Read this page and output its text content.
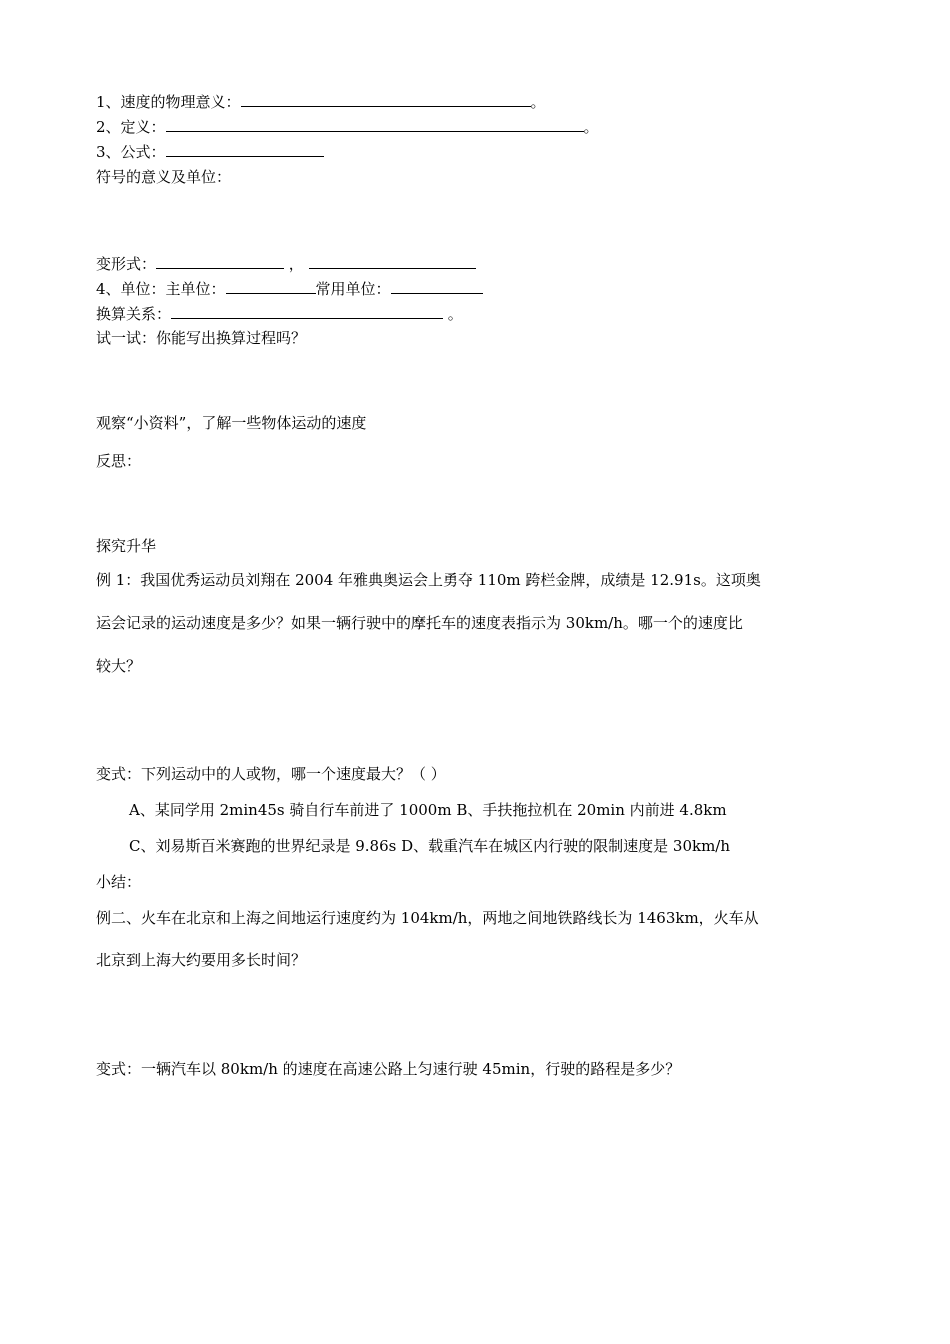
1、速度的物理意义：	。
2、定义：	。
3、公式：
符号的意义及单位：
变形式：	，
4、单位：主单位：	常用单位：
换算关系：	。
试一试：你能写出换算过程吗？
观察“小资料”，了解一些物体运动的速度
反思：
探究升华
例 1：我国优秀运动员刘翔在 2004 年雅典奥运会上勇夺 110m 跨栏金牌，成绩是 12.91s。这项奥
运会记录的运动速度是多少？如果一辆行驶中的摩托车的速度表指示为 30km/h。哪一个的速度比
较大？
变式：下列运动中的人或物，哪一个速度最大？（ ）
A、某同学用 2min45s 骑自行车前进了 1000m B、手扶拖拉机在 20min 内前进 4.8km
C、刘易斯百米赛跑的世界纪录是 9.86s D、载重汽车在城区内行驶的限制速度是 30km/h
小结：
例二、火车在北京和上海之间地运行速度约为 104km/h，两地之间地铁路线长为 1463km，火车从
北京到上海大约要用多长时间？
变式：一辆汽车以 80km/h 的速度在高速公路上匀速行驶 45min，行驶的路程是多少？
